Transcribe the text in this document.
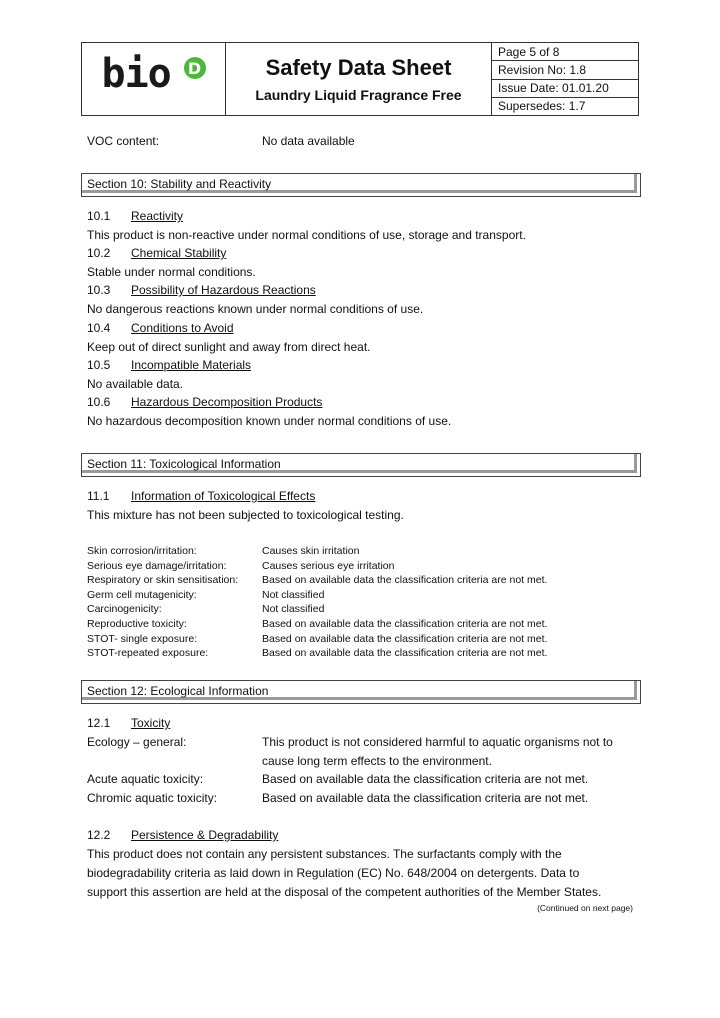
bio D	Safety Data Sheet
Laundry Liquid Fragrance Free
Page 5 of 8
Revision No: 1.8
Issue Date: 01.01.20
Supersedes: 1.7
VOC content:	No data available
Section 10: Stability and Reactivity
10.1 Reactivity
This product is non-reactive under normal conditions of use, storage and transport.
10.2 Chemical Stability
Stable under normal conditions.
10.3 Possibility of Hazardous Reactions
No dangerous reactions known under normal conditions of use.
10.4 Conditions to Avoid
Keep out of direct sunlight and away from direct heat.
10.5 Incompatible Materials
No available data.
10.6 Hazardous Decomposition Products
No hazardous decomposition known under normal conditions of use.
Section 11: Toxicological Information
11.1 Information of Toxicological Effects
This mixture has not been subjected to toxicological testing.
Skin corrosion/irritation:	Causes skin irritation
Serious eye damage/irritation:	Causes serious eye irritation
Respiratory or skin sensitisation: Based on available data the classification criteria are not met.
Germ cell mutagenicity:	Not classified
Carcinogenicity:	Not classified
Reproductive toxicity:	Based on available data the classification criteria are not met.
STOT- single exposure:	Based on available data the classification criteria are not met.
STOT-repeated exposure:	Based on available data the classification criteria are not met.
Section 12: Ecological Information
12.1 Toxicity
Ecology – general:	This product is not considered harmful to aquatic organisms not to
cause long term effects to the environment.
Acute aquatic toxicity:	Based on available data the classification criteria are not met.
Chromic aquatic toxicity:	Based on available data the classification criteria are not met.
12.2 Persistence & Degradability
This product does not contain any persistent substances. The surfactants comply with the
biodegradability criteria as laid down in Regulation (EC) No. 648/2004 on detergents. Data to
support this assertion are held at the disposal of the competent authorities of the Member States.
(Continued on next page)
